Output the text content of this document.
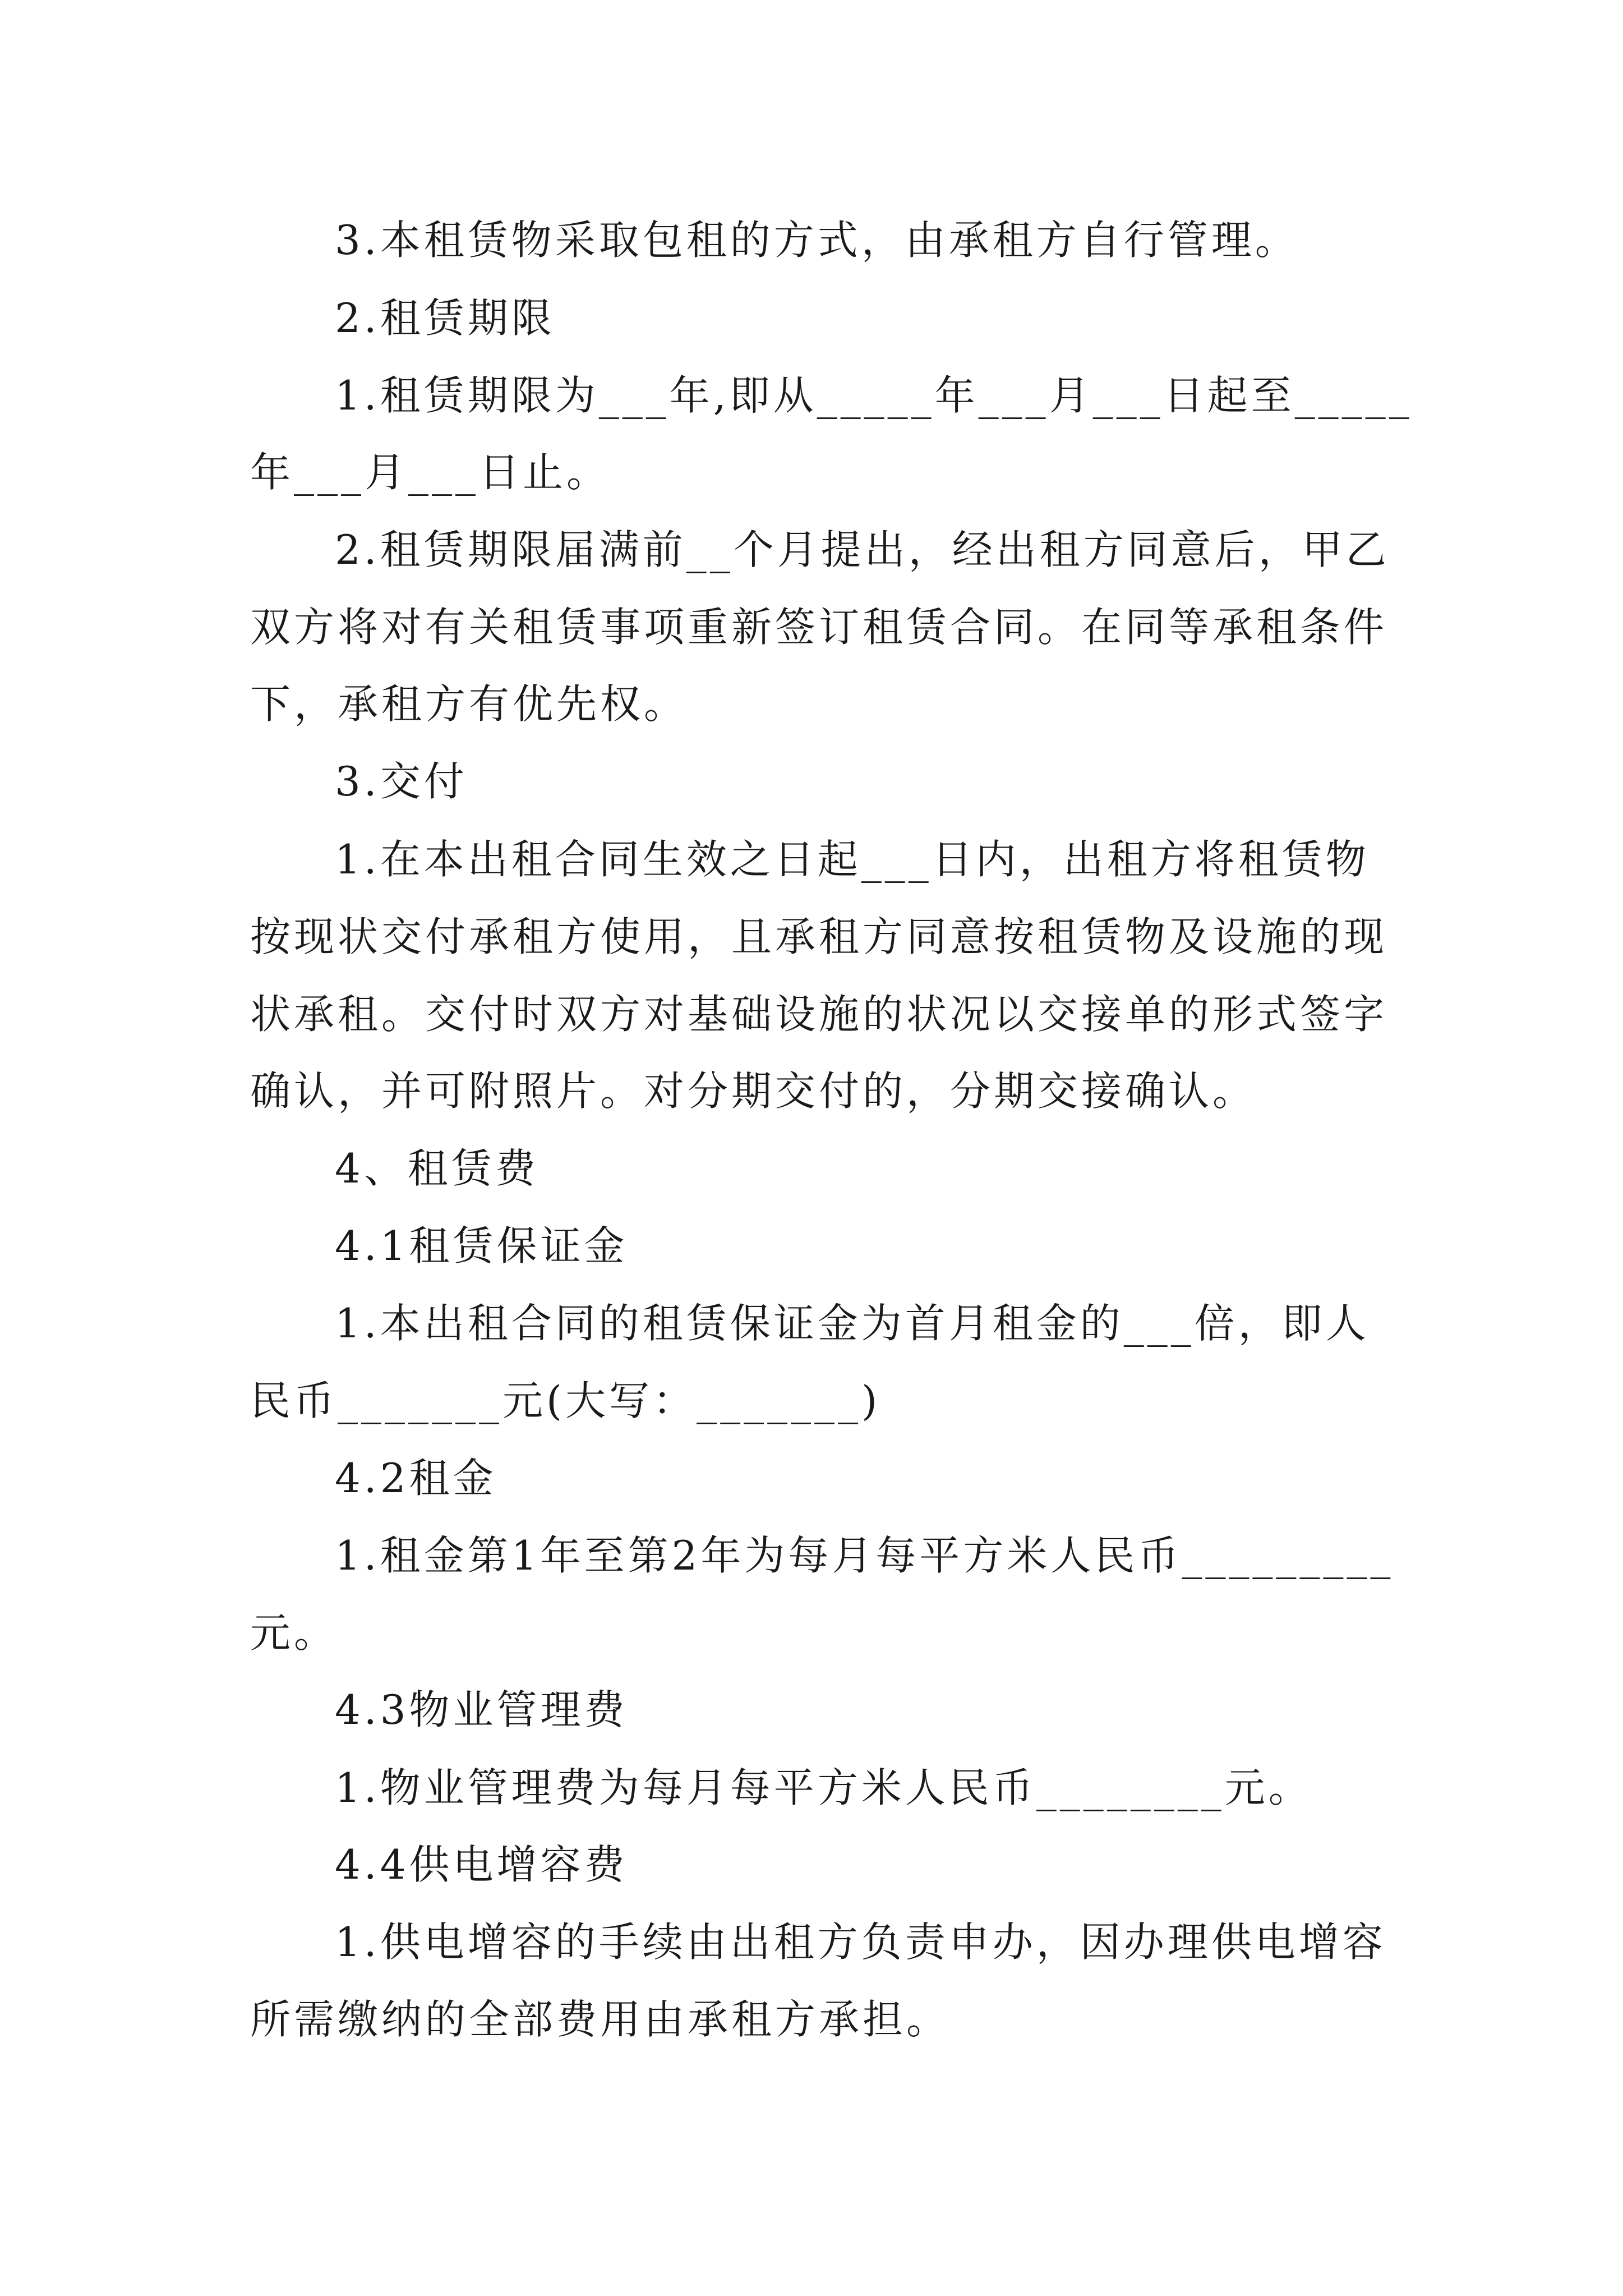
3.本租赁物采取包租的方式，由承租方自行管理。
2.租赁期限
1.租赁期限为___年,即从_____年___月___日起至_____
年___月___日止。
2.租赁期限届满前__个月提出，经出租方同意后，甲乙
双方将对有关租赁事项重新签订租赁合同。在同等承租条件
下，承租方有优先权。
3.交付
1.在本出租合同生效之日起___日内，出租方将租赁物
按现状交付承租方使用，且承租方同意按租赁物及设施的现
状承租。交付时双方对基础设施的状况以交接单的形式签字
确认，并可附照片。对分期交付的，分期交接确认。
4、租赁费
4.1租赁保证金
1.本出租合同的租赁保证金为首月租金的___倍，即人
民币_______元(大写：_______)
4.2租金
1.租金第1年至第2年为每月每平方米人民币_________
元。
4.3物业管理费
1.物业管理费为每月每平方米人民币________元。
4.4供电增容费
1.供电增容的手续由出租方负责申办，因办理供电增容
所需缴纳的全部费用由承租方承担。
